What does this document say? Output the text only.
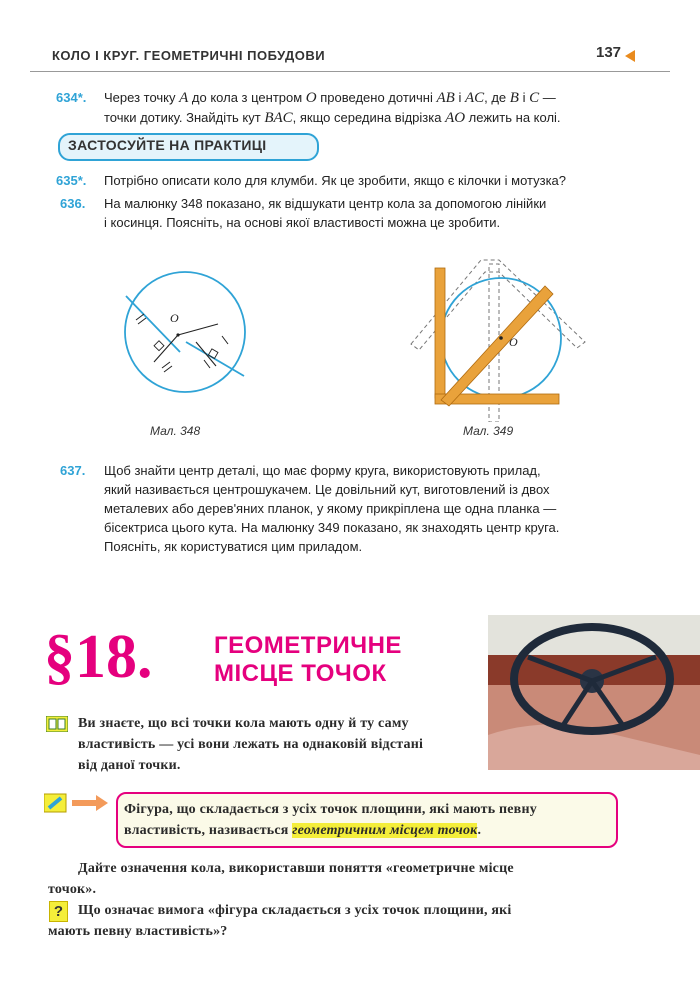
КОЛО І КРУГ. ГЕОМЕТРИЧНІ ПОБУДОВИ	137
634*. Через точку A до кола з центром O проведено дотичні AB і AC, де B і C —
точки дотику. Знайдіть кут BAC, якщо середина відрізка AO лежить на колі.
ЗАСТОСУЙТЕ НА ПРАКТИЦІ
635*. Потрібно описати коло для клумби. Як це зробити, якщо є кілочки і мотузка?
636. На малюнку 348 показано, як відшукати центр кола за допомогою лінійки
і косинця. Поясніть, на основі якої властивості можна це зробити.
O
Мал. 348
O
Мал. 349
637. Щоб знайти центр деталі, що має форму круга, використовують прилад,
який називається центрошукачем. Це довільний кут, виготовлений із двох
металевих або дерев'яних планок, у якому прикріплена ще одна планка —
бісектриса цього кута. На малюнку 349 показано, як знаходять центр круга.
Поясніть, як користуватися цим приладом.
§18.	ГЕОМЕТРИЧНЕ
МІСЦЕ ТОЧОК
Ви знаєте, що всі точки кола мають одну й ту саму
властивість — усі вони лежать на однаковій відстані
від даної точки.
Фігура, що складається з усіх точок площини, які мають певну
властивість, називається геометричним місцем точок.
Дайте означення кола, використавши поняття «геометричне місце
точок».
?	Що означає вимога «фігура складається з усіх точок площини, які
мають певну властивість»?
